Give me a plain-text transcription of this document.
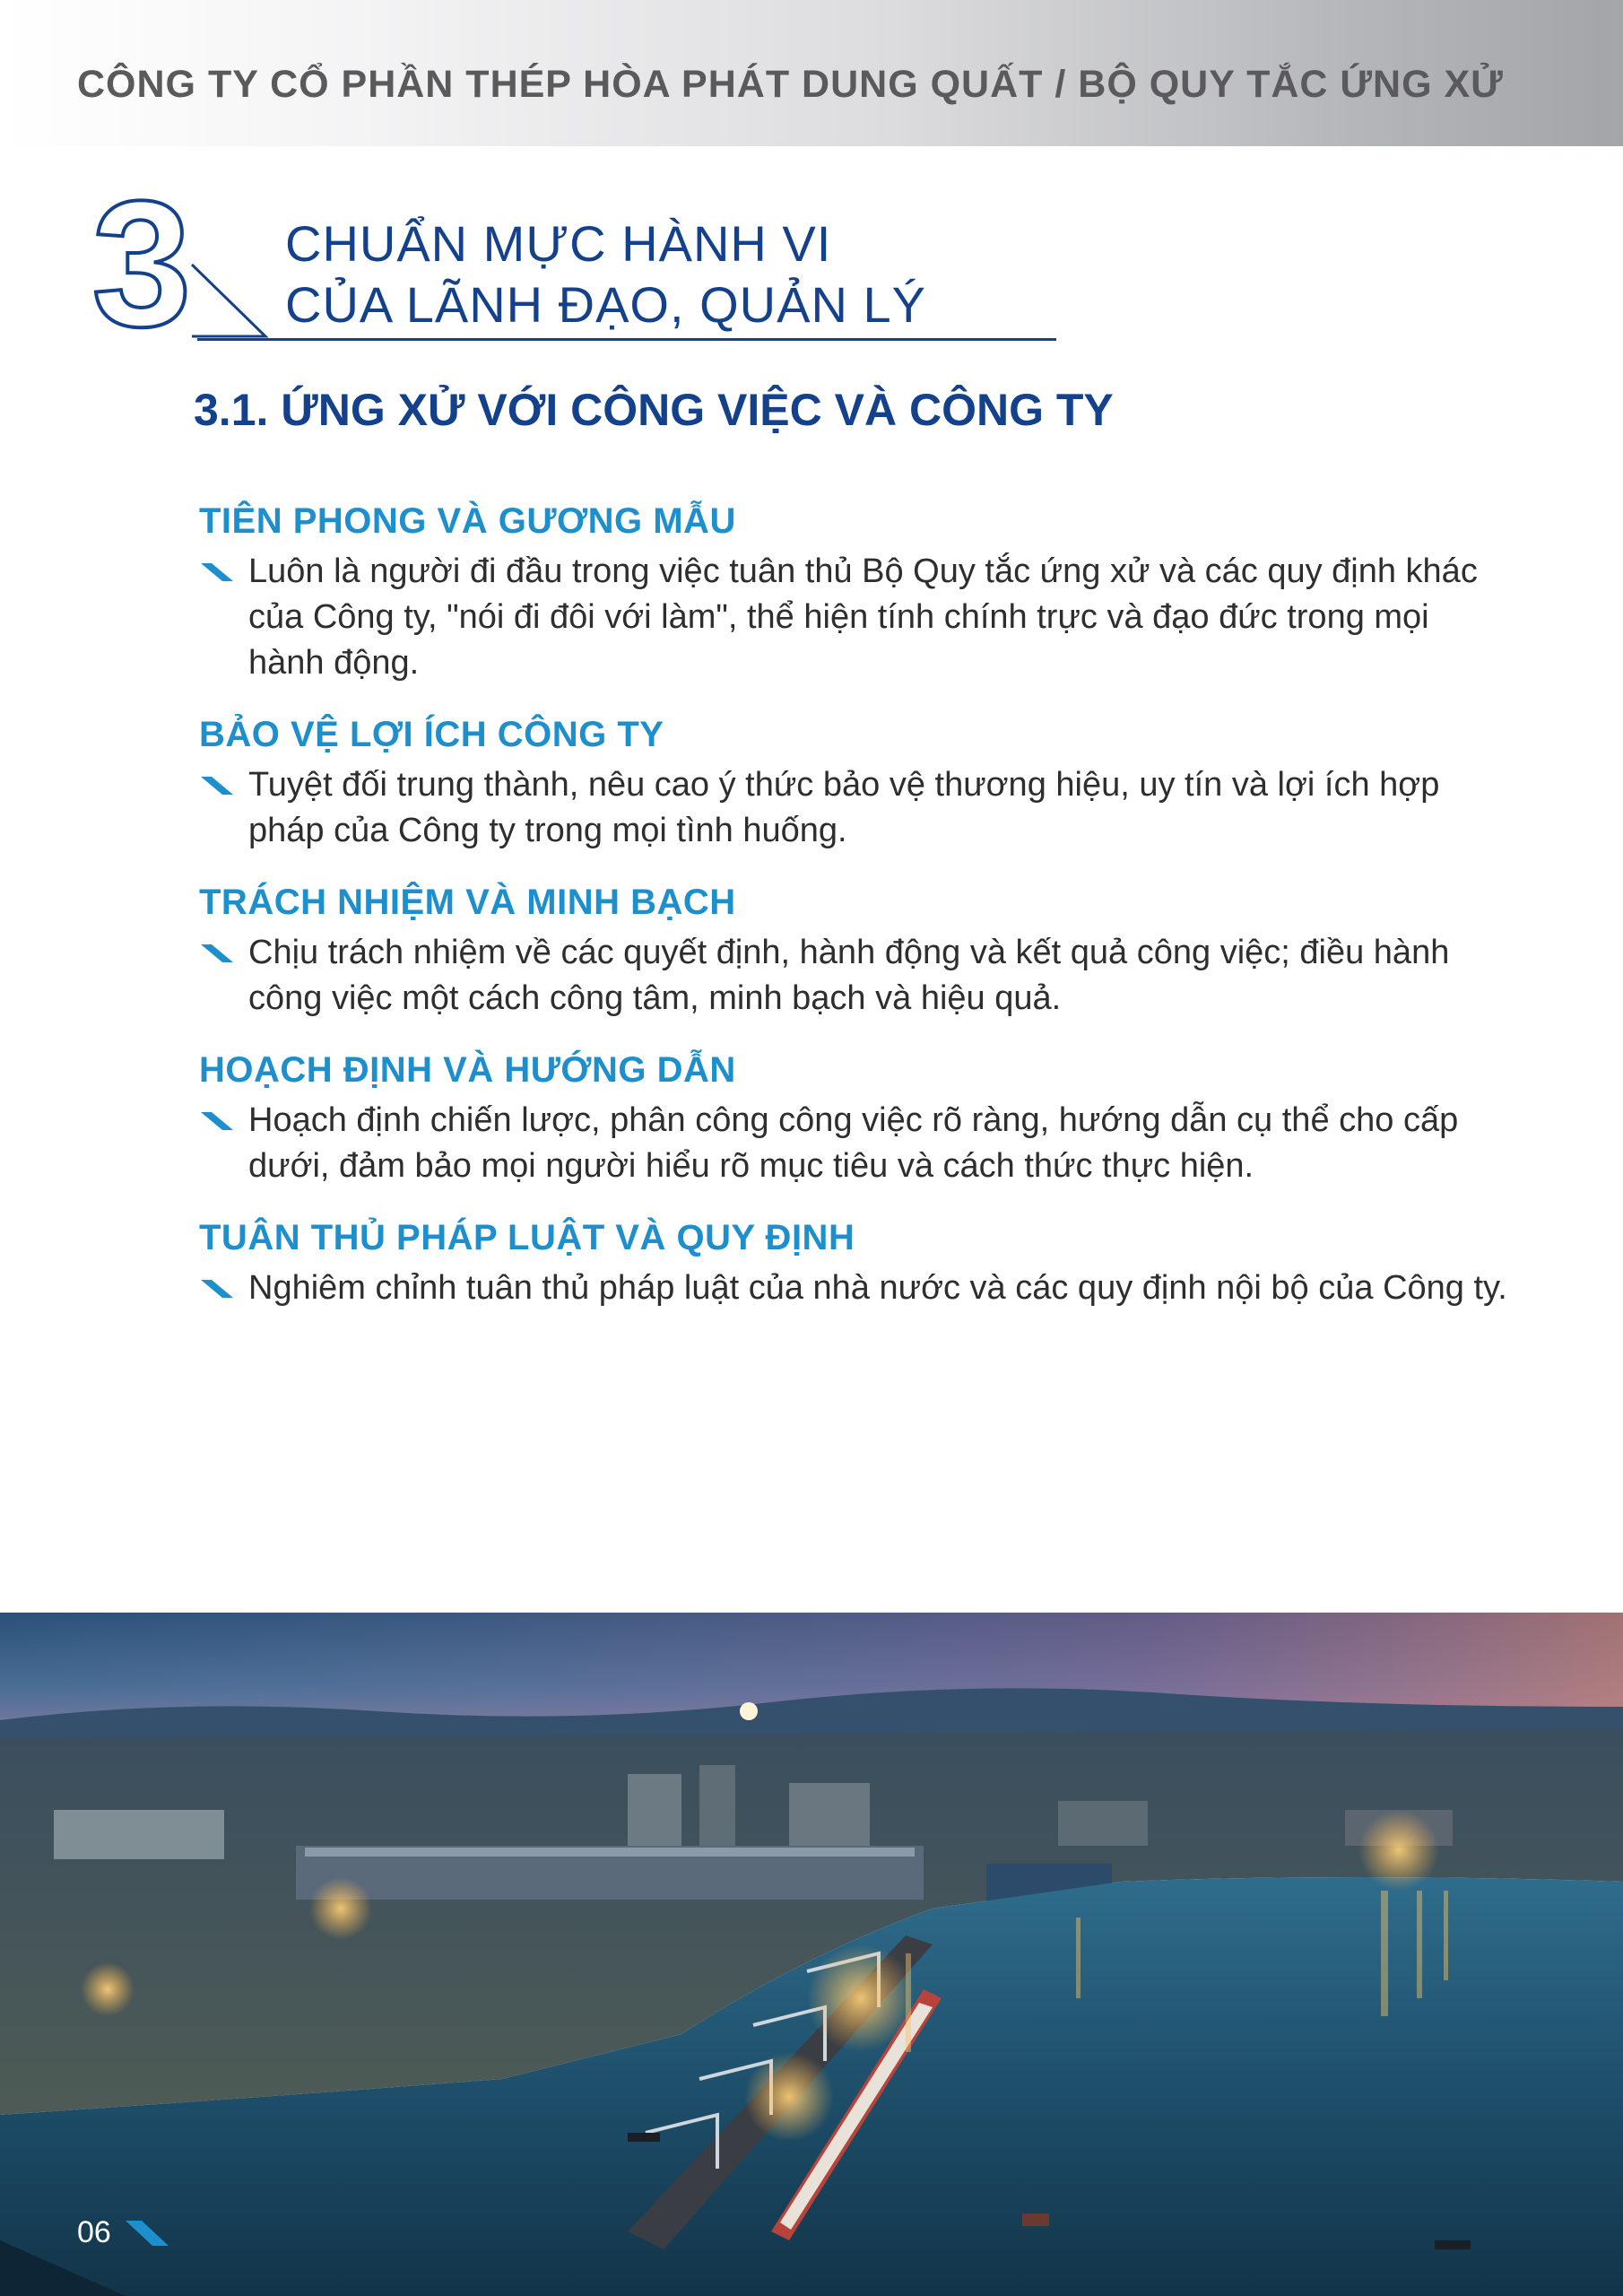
CÔNG TY CỔ PHẦN THÉP HÒA PHÁT DUNG QUẤT / BỘ QUY TẮC ỨNG XỬ
3 CHUẨN MỰC HÀNH VI
CỦA LÃNH ĐẠO, QUẢN LÝ
3.1. ỨNG XỬ VỚI CÔNG VIỆC VÀ CÔNG TY
TIÊN PHONG VÀ GƯƠNG MẪU
Luôn là người đi đầu trong việc tuân thủ Bộ Quy tắc ứng xử và các quy định khác của Công ty, "nói đi đôi với làm", thể hiện tính chính trực và đạo đức trong mọi hành động.
BẢO VỆ LỢI ÍCH CÔNG TY
Tuyệt đối trung thành, nêu cao ý thức bảo vệ thương hiệu, uy tín và lợi ích hợp pháp của Công ty trong mọi tình huống.
TRÁCH NHIỆM VÀ MINH BẠCH
Chịu trách nhiệm về các quyết định, hành động và kết quả công việc; điều hành công việc một cách công tâm, minh bạch và hiệu quả.
HOẠCH ĐỊNH VÀ HƯỚNG DẪN
Hoạch định chiến lược, phân công công việc rõ ràng, hướng dẫn cụ thể cho cấp dưới, đảm bảo mọi người hiểu rõ mục tiêu và cách thức thực hiện.
TUÂN THỦ PHÁP LUẬT VÀ QUY ĐỊNH
Nghiêm chỉnh tuân thủ pháp luật của nhà nước và các quy định nội bộ của Công ty.
06
